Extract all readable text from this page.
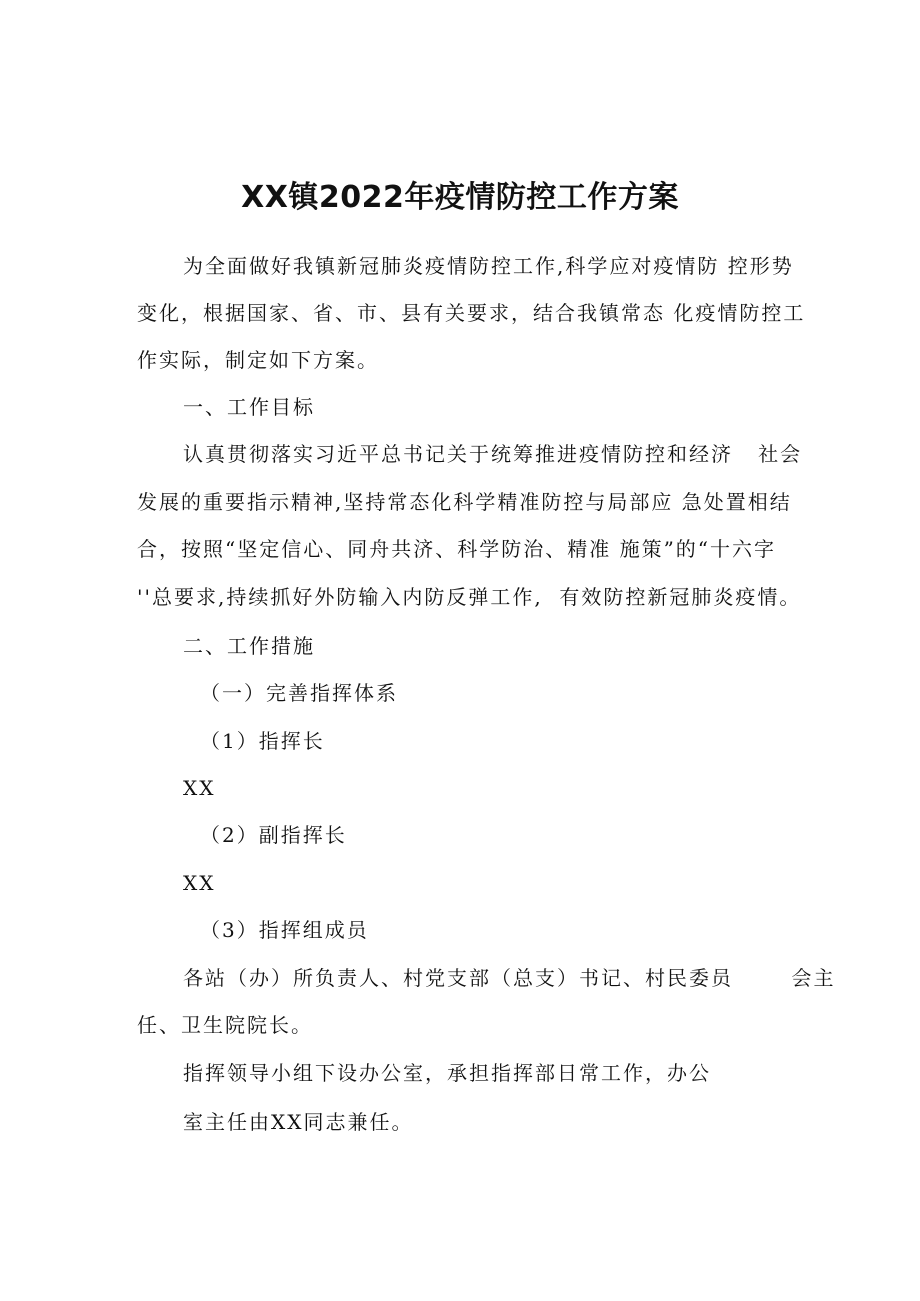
XX镇2022年疫情防控工作方案
为全面做好我镇新冠肺炎疫情防控工作,科学应对疫情防 控形势
变化，根据国家、省、市、县有关要求，结合我镇常态 化疫情防控工
作实际，制定如下方案。
一、工作目标
认真贯彻落实习近平总书记关于统筹推进疫情防控和经济   社会
发展的重要指示精神,坚持常态化科学精准防控与局部应 急处置相结
合，按照“坚定信心、同舟共济、科学防治、精准 施策”的“十六字
''总要求,持续抓好外防输入内防反弹工作,  有效防控新冠肺炎疫情。
二、工作措施
（一）完善指挥体系
（1）指挥长
XX
（2）副指挥长
XX
（3）指挥组成员
各站（办）所负责人、村党支部（总支）书记、村民委员       会主
任、卫生院院长。
指挥领导小组下设办公室，承担指挥部日常工作，办公
室主任由XX同志兼任。
